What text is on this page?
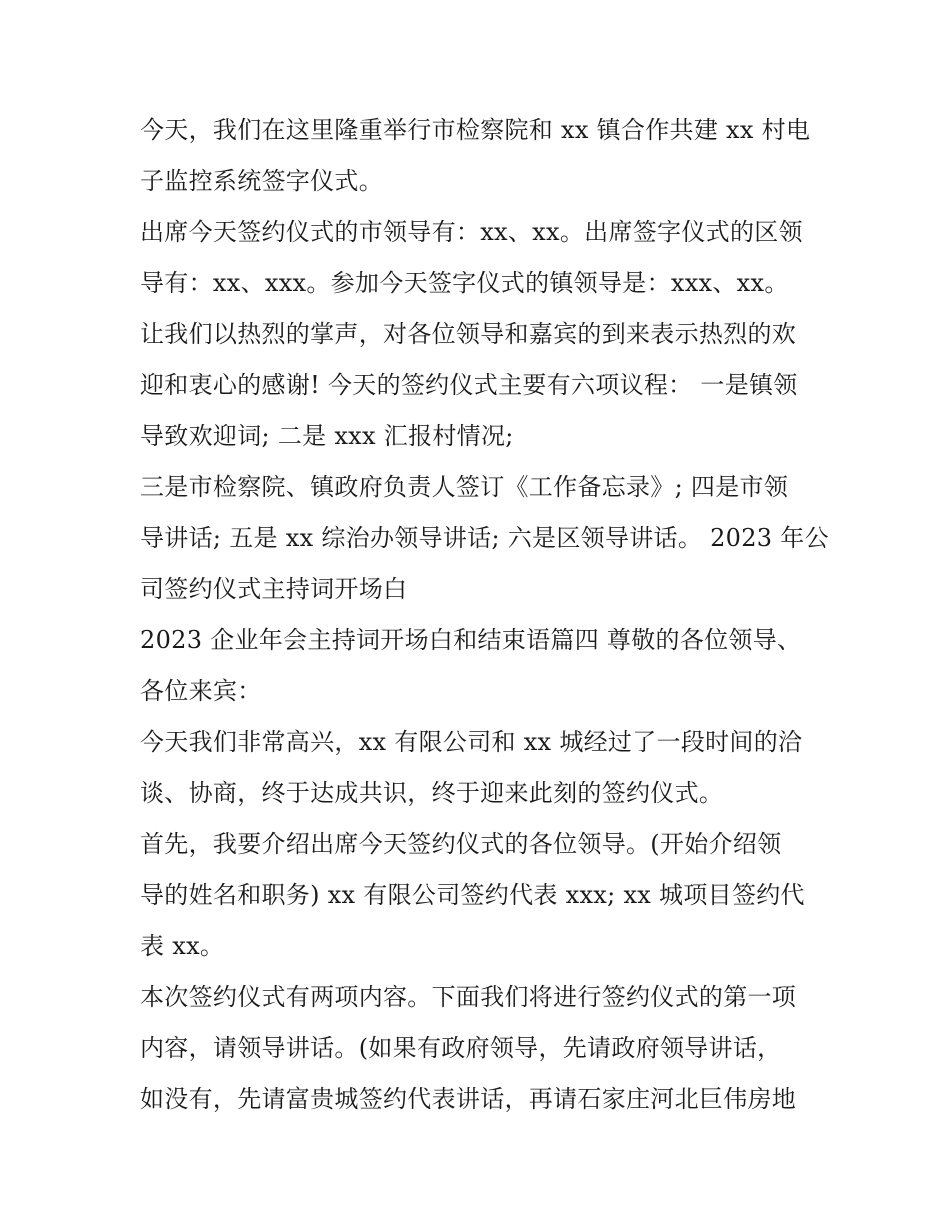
今天，我们在这里隆重举行市检察院和 xx 镇合作共建 xx 村电
子监控系统签字仪式。
出席今天签约仪式的市领导有：xx、xx。出席签字仪式的区领
导有：xx、xxx。参加今天签字仪式的镇领导是：xxx、xx。
让我们以热烈的掌声，对各位领导和嘉宾的到来表示热烈的欢
迎和衷心的感谢! 今天的签约仪式主要有六项议程： 一是镇领
导致欢迎词; 二是 xxx 汇报村情况;
三是市检察院、镇政府负责人签订《工作备忘录》; 四是市领
导讲话; 五是 xx 综治办领导讲话; 六是区领导讲话。 2023 年公
司签约仪式主持词开场白
2023 企业年会主持词开场白和结束语篇四 尊敬的各位领导、
各位来宾：
今天我们非常高兴，xx 有限公司和 xx 城经过了一段时间的洽
谈、协商，终于达成共识，终于迎来此刻的签约仪式。
首先，我要介绍出席今天签约仪式的各位领导。(开始介绍领
导的姓名和职务) xx 有限公司签约代表 xxx; xx 城项目签约代
表 xx。
本次签约仪式有两项内容。下面我们将进行签约仪式的第一项
内容，请领导讲话。(如果有政府领导，先请政府领导讲话，
如没有，先请富贵城签约代表讲话，再请石家庄河北巨伟房地
